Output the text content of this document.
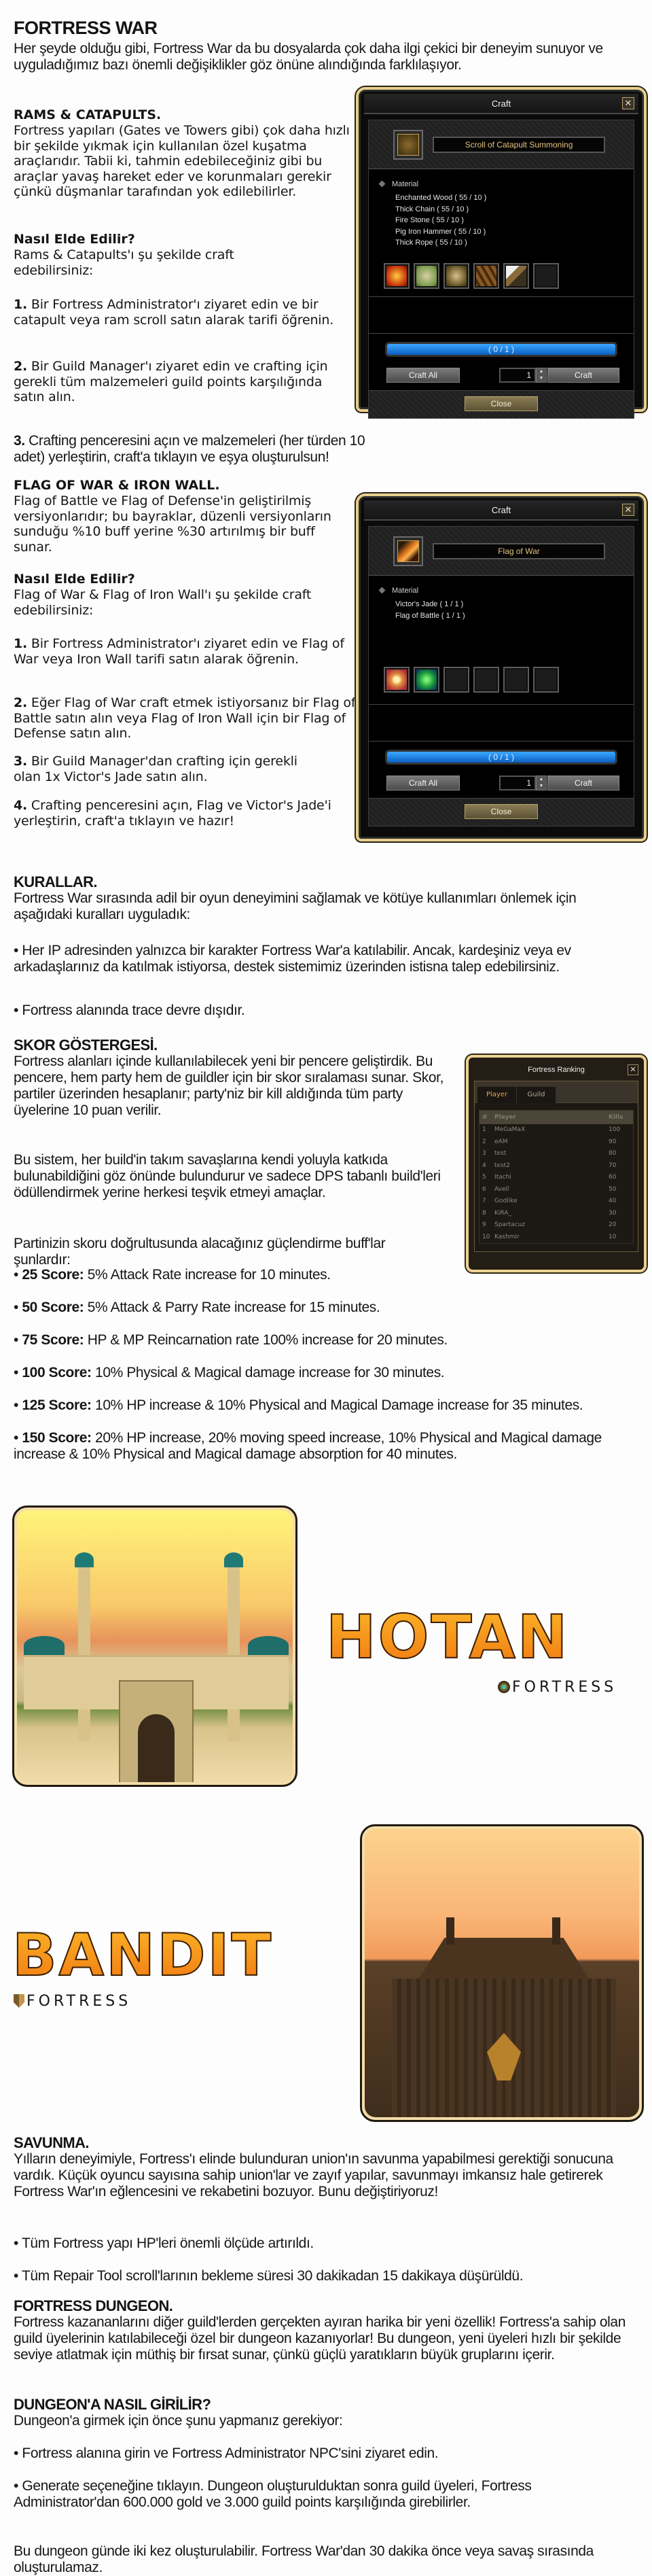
FORTRESS WAR

Her şeyde olduğu gibi, Fortress War da bu dosyalarda çok daha ilgi çekici bir deneyim sunuyor ve uyguladığımız bazı önemli değişiklikler göz önüne alındığında farklılaşıyor.

RAMS & CATAPULTS.

Fortress yapıları (Gates ve Towers gibi) çok daha hızlı bir şekilde yıkmak için kullanılan özel kuşatma araçlarıdır. Tabii ki, tahmin edebileceğiniz gibi bu araçlar yavaş hareket eder ve korunmaları gerekir çünkü düşmanlar tarafından yok edilebilirler.

Nasıl Elde Edilir?

Rams & Catapults'ı şu şekilde craft edebilirsiniz:

1. Bir Fortress Administrator'ı ziyaret edin ve bir catapult veya ram scroll satın alarak tarifi öğrenin.

2. Bir Guild Manager'ı ziyaret edin ve crafting için gerekli tüm malzemeleri guild points karşılığında satın alın.

3. Crafting penceresini açın ve malzemeleri (her türden 10 adet) yerleştirin, craft'a tıklayın ve eşya oluşturulsun!

Craft	✕
Scroll of Catapult Summoning
Material
Enchanted Wood ( 55 / 10 )
Thick Chain ( 55 / 10 )
Fire Stone ( 55 / 10 )
Pig Iron Hammer ( 55 / 10 )
Thick Rope ( 55 / 10 )
( 0 / 1 )
Craft All	1	▲
▼	Craft
Close
FLAG OF WAR & IRON WALL.

Flag of Battle ve Flag of Defense'in geliştirilmiş versiyonlarıdır; bu bayraklar, düzenli versiyonların sunduğu %10 buff yerine %30 artırılmış bir buff sunar.

Nasıl Elde Edilir?

Flag of War & Flag of Iron Wall'ı şu şekilde craft edebilirsiniz:

1. Bir Fortress Administrator'ı ziyaret edin ve Flag of War veya Iron Wall tarifi satın alarak öğrenin.

2. Eğer Flag of War craft etmek istiyorsanız bir Flag of Battle satın alın veya Flag of Iron Wall için bir Flag of Defense satın alın.

3. Bir Guild Manager'dan crafting için gerekli olan 1x Victor's Jade satın alın.

4. Crafting penceresini açın, Flag ve Victor's Jade'i yerleştirin, craft'a tıklayın ve hazır!

Craft	✕
Flag of War
Material
Victor's Jade ( 1 / 1 )
Flag of Battle ( 1 / 1 )
( 0 / 1 )
Craft All	1	▲
▼	Craft
Close
KURALLAR.

Fortress War sırasında adil bir oyun deneyimini sağlamak ve kötüye kullanımları önlemek için aşağıdaki kuralları uyguladık:

• Her IP adresinden yalnızca bir karakter Fortress War'a katılabilir. Ancak, kardeşiniz veya ev arkadaşlarınız da katılmak istiyorsa, destek sistemimiz üzerinden istisna talep edebilirsiniz.

• Fortress alanında trace devre dışıdır.

SKOR GÖSTERGESİ.

Fortress alanları içinde kullanılabilecek yeni bir pencere geliştirdik. Bu pencere, hem party hem de guildler için bir skor sıralaması sunar. Skor, partiler üzerinden hesaplanır; party'niz bir kill aldığında tüm party üyelerine 10 puan verilir.

Bu sistem, her build'in takım savaşlarına kendi yoluyla katkıda bulunabildiğini göz önünde bulundurur ve sadece DPS tabanlı build'leri ödüllendirmek yerine herkesi teşvik etmeyi amaçlar.

Partinizin skoru doğrultusunda alacağınız güçlendirme buff'lar şunlardır:

• 25 Score: 5% Attack Rate increase for 10 minutes.

• 50 Score: 5% Attack & Parry Rate increase for 15 minutes.

• 75 Score: HP & MP Reincarnation rate 100% increase for 20 minutes.

• 100 Score: 10% Physical & Magical damage increase for 30 minutes.

• 125 Score: 10% HP increase & 10% Physical and Magical Damage increase for 35 minutes.

• 150 Score: 20% HP increase, 20% moving speed increase, 10% Physical and Magical damage increase & 10% Physical and Magical damage absorption for 40 minutes.

Fortress Ranking	✕
Player	Guild
#	Player	Kills
1	MeGaMaX	100
2	eAM	90
3	test	80
4	test2	70
5	Itachi	60
6	Avell	50
7	Godlike	40
8	KiRA_	30
9	Spartacuz	20
10 Kashmir	10
HOTAN
FORTRESS
BANDIT
FORTRESS
SAVUNMA.

Yılların deneyimiyle, Fortress'ı elinde bulunduran union'ın savunma yapabilmesi gerektiği sonucuna vardık. Küçük oyuncu sayısına sahip union'lar ve zayıf yapılar, savunmayı imkansız hale getirerek Fortress War'ın eğlencesini ve rekabetini bozuyor. Bunu değiştiriyoruz!

• Tüm Fortress yapı HP'leri önemli ölçüde artırıldı.

• Tüm Repair Tool scroll'larının bekleme süresi 30 dakikadan 15 dakikaya düşürüldü.

FORTRESS DUNGEON.

Fortress kazananlarını diğer guild'lerden gerçekten ayıran harika bir yeni özellik! Fortress'a sahip olan guild üyelerinin katılabileceği özel bir dungeon kazanıyorlar! Bu dungeon, yeni üyeleri hızlı bir şekilde seviye atlatmak için müthiş bir fırsat sunar, çünkü güçlü yaratıkların büyük gruplarını içerir.

DUNGEON'A NASIL GİRİLİR?

Dungeon'a girmek için önce şunu yapmanız gerekiyor:

• Fortress alanına girin ve Fortress Administrator NPC'sini ziyaret edin.

• Generate seçeneğine tıklayın. Dungeon oluşturulduktan sonra guild üyeleri, Fortress Administrator'dan 600.000 gold ve 3.000 guild points karşılığında girebilirler.

Bu dungeon günde iki kez oluşturulabilir. Fortress War'dan 30 dakika önce veya savaş sırasında oluşturulamaz.
